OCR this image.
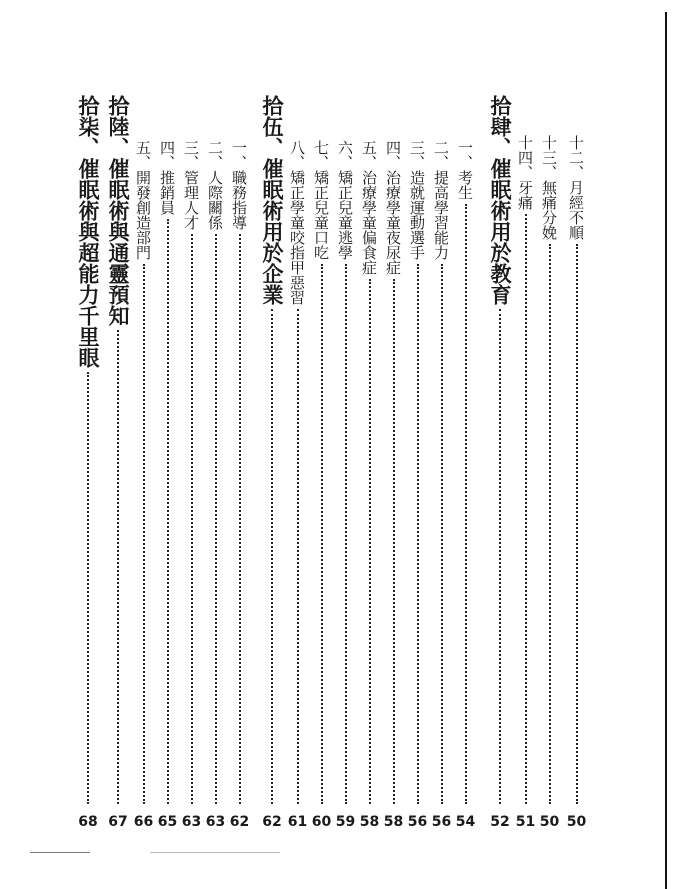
十二、月經不順
50
十三、無痛分娩
50
十四、牙痛
51
拾肆、催眠術用於教育
52
一、考生
54
二、提高學習能力
56
三、造就運動選手
56
四、治療學童夜尿症
58
五、治療學童偏食症
58
六、矯正兒童逃學
59
七、矯正兒童口吃
60
八、矯正學童咬指甲惡習
61
拾伍、催眠術用於企業
62
一、職務指導
62
二、人際關係
63
三、管理人才
63
四、推銷員
65
五、開發創造部門
66
拾陸、催眠術與通靈預知
67
拾柒、催眠術與超能力千里眼
68
